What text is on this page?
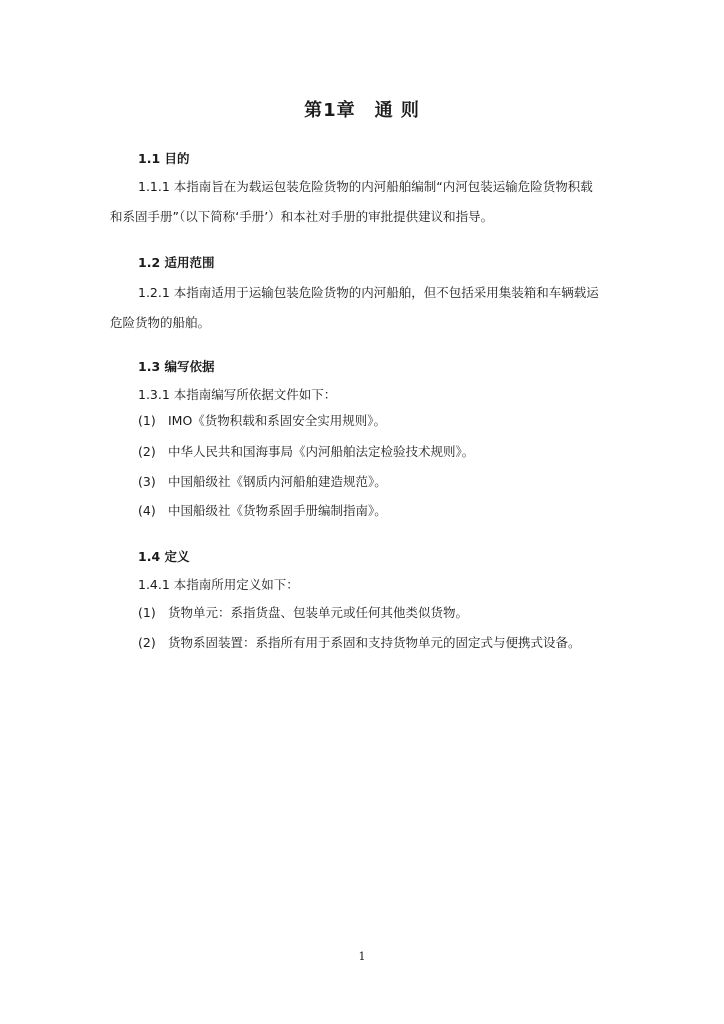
第1章　通 则
1.1 目的
1.1.1 本指南旨在为载运包装危险货物的内河船舶编制“内河包装运输危险货物积载
和系固手册”（以下简称‘手册’）和本社对手册的审批提供建议和指导。
1.2 适用范围
1.2.1 本指南适用于运输包装危险货物的内河船舶，但不包括采用集装箱和车辆载运
危险货物的船舶。
1.3 编写依据
1.3.1 本指南编写所依据文件如下：
(1) IMO《货物积载和系固安全实用规则》。
(2) 中华人民共和国海事局《内河船舶法定检验技术规则》。
(3) 中国船级社《钢质内河船舶建造规范》。
(4) 中国船级社《货物系固手册编制指南》。
1.4 定义
1.4.1 本指南所用定义如下：
(1) 货物单元：系指货盘、包装单元或任何其他类似货物。
(2) 货物系固装置：系指所有用于系固和支持货物单元的固定式与便携式设备。
1
